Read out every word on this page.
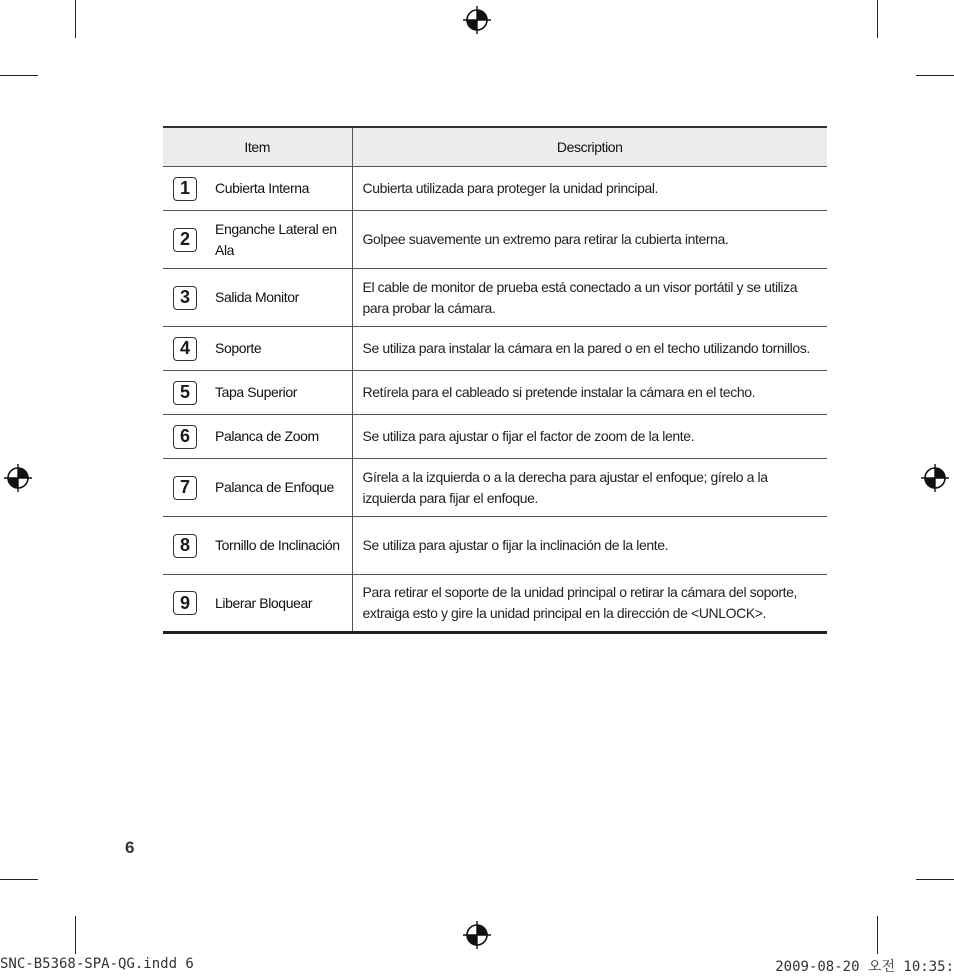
Item	Description

1 Cubierta Interna	Cubierta utilizada para proteger la unidad principal.

2
Enganche Lateral en Ala	Golpee suavemente un extremo para retirar la cubierta interna.

3 Salida Monitor	El cable de monitor de prueba está conectado a un visor portátil y se utiliza para probar la cámara.

4 Soporte	Se utiliza para instalar la cámara en la pared o en el techo utilizando tornillos.

5 Tapa Superior	Retírela para el cableado si pretende instalar la cámara en el techo.

6 Palanca de Zoom	Se utiliza para ajustar o fijar el factor de zoom de la lente.

7 Palanca de Enfoque	Gírela a la izquierda o a la derecha para ajustar el enfoque; gírelo a la izquierda para fijar el enfoque.

8 Tornillo de Inclinación	Se utiliza para ajustar o fijar la inclinación de la lente.

9 Liberar Bloquear	Para retirar el soporte de la unidad principal o retirar la cámara del soporte, extraiga esto y gire la unidad principal en la dirección de <UNLOCK>.
6
SNC-B5368-SPA-QG.indd 6	2009-08-20 오전 10:35:
